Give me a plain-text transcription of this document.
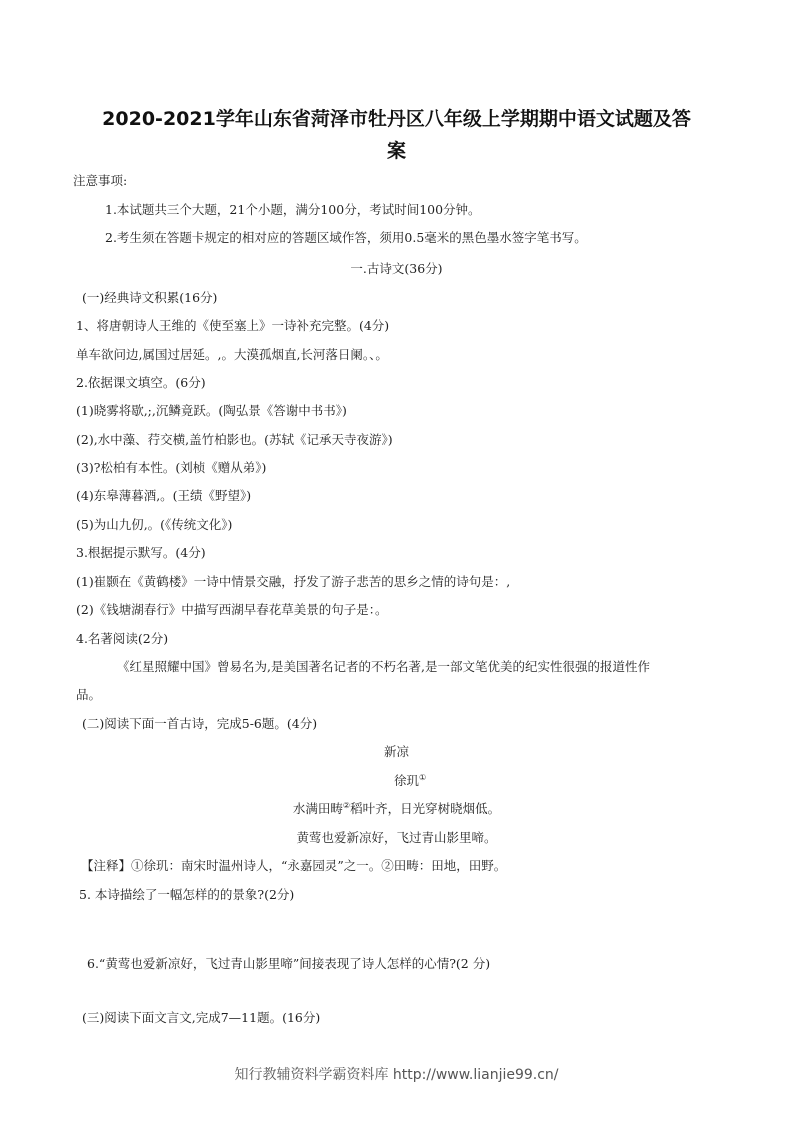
2020-2021学年山东省菏泽市牡丹区八年级上学期期中语文试题及答
案
注意事项:
1.本试题共三个大题，21个小题，满分100分，考试时间100分钟。
2.考生须在答题卡规定的相对应的答题区域作答，须用0.5毫米的黑色墨水签字笔书写。
一.古诗文(36分)
(一)经典诗文积累(16分)
1、将唐朝诗人王维的《使至塞上》一诗补充完整。(4分)
单车欲问边,属国过居延。,。大漠孤烟直,长河落日阑。、。
2.依据课文填空。(6分)
(1)晓雾将歇,;,沉鳞竟跃。(陶弘景《答谢中书书》)
(2),水中藻、荇交横,盖竹柏影也。(苏轼《记承天寺夜游》)
(3)?松柏有本性。(刘桢《赠从弟》)
(4)东皋薄暮酒,。(王绩《野望》)
(5)为山九仞,。(《传统文化》)
3.根据提示默写。(4分)
(1)崔颢在《黄鹤楼》一诗中情景交融，抒发了游子悲苦的思乡之情的诗句是：,
(2)《钱塘湖春行》中描写西湖早春花草美景的句子是：。
4.名著阅读(2分)
《红星照耀中国》曾易名为,是美国著名记者的不朽名著,是一部文笔优美的纪实性很强的报道性作
品。
(二)阅读下面一首古诗，完成5-6题。(4分)
新凉
徐玑①
水满田畴②稻叶齐，日光穿树晓烟低。
黄莺也爱新凉好，飞过青山影里啼。
【注释】①徐玑：南宋时温州诗人，“永嘉园灵”之一。②田畴：田地，田野。
5. 本诗描绘了一幅怎样的的景象?(2分)
6.“黄莺也爱新凉好，飞过青山影里啼”间接表现了诗人怎样的心情?(2 分)
(三)阅读下面文言文,完成7—11题。(16分)
知行教辅资料学霸资料库 http://www.lianjie99.cn/
